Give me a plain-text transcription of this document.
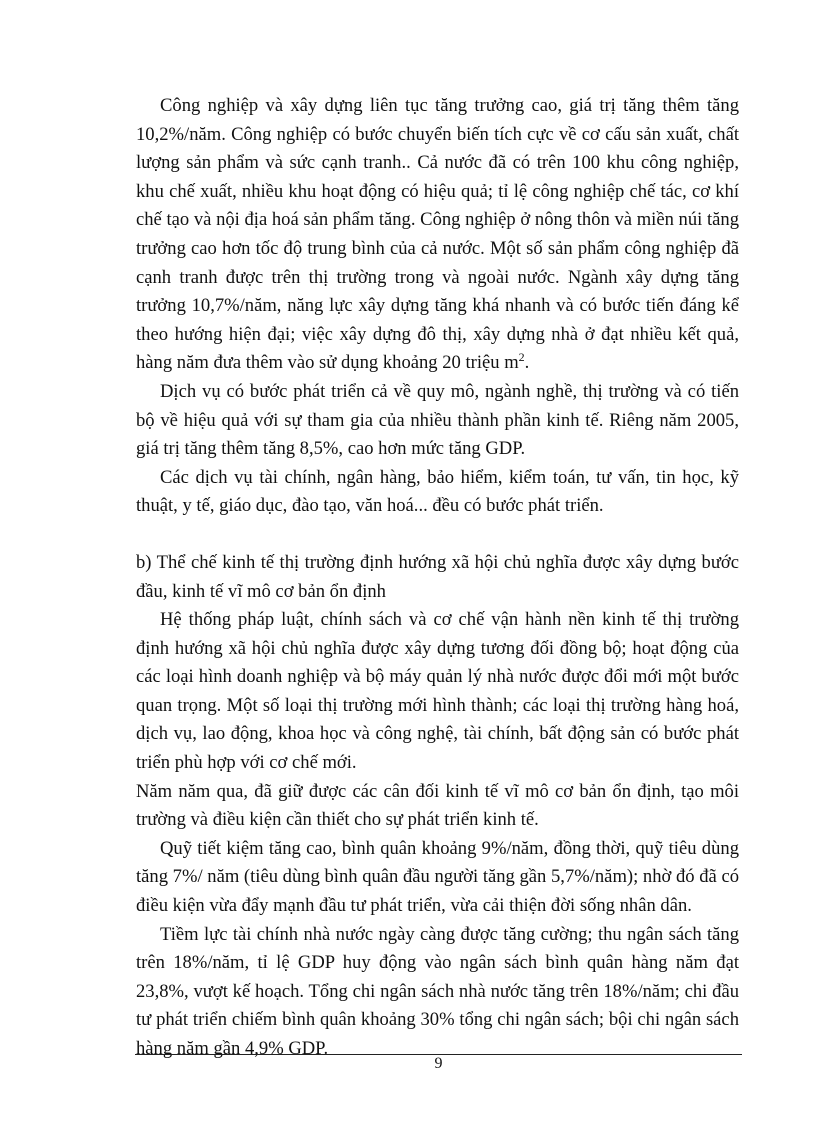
Công nghiệp và xây dựng liên tục tăng trưởng cao, giá trị tăng thêm tăng 10,2%/năm. Công nghiệp có bước chuyển biến tích cực về cơ cấu sản xuất, chất lượng sản phẩm và sức cạnh tranh.. Cả nước đã có trên 100 khu công nghiệp, khu chế xuất, nhiều khu hoạt động có hiệu quả; tỉ lệ công nghiệp chế tác, cơ khí chế tạo và nội địa hoá sản phẩm tăng. Công nghiệp ở nông thôn và miền núi tăng trưởng cao hơn tốc độ trung bình của cả nước. Một số sản phẩm công nghiệp đã cạnh tranh được trên thị trường trong và ngoài nước. Ngành xây dựng tăng trưởng 10,7%/năm, năng lực xây dựng tăng khá nhanh và có bước tiến đáng kể theo hướng hiện đại; việc xây dựng đô thị, xây dựng nhà ở đạt nhiều kết quả, hàng năm đưa thêm vào sử dụng khoảng 20 triệu $m^2$.

Dịch vụ có bước phát triển cả về quy mô, ngành nghề, thị trường và có tiến bộ về hiệu quả với sự tham gia của nhiều thành phần kinh tế. Riêng năm 2005, giá trị tăng thêm tăng 8,5%, cao hơn mức tăng GDP.

Các dịch vụ tài chính, ngân hàng, bảo hiểm, kiểm toán, tư vấn, tin học, kỹ thuật, y tế, giáo dục, đào tạo, văn hoá... đều có bước phát triển.

b) Thể chế kinh tế thị trường định hướng xã hội chủ nghĩa được xây dựng bước đầu, kinh tế vĩ mô cơ bản ổn định

Hệ thống pháp luật, chính sách và cơ chế vận hành nền kinh tế thị trường định hướng xã hội chủ nghĩa được xây dựng tương đối đồng bộ; hoạt động của các loại hình doanh nghiệp và bộ máy quản lý nhà nước được đổi mới một bước quan trọng. Một số loại thị trường mới hình thành; các loại thị trường hàng hoá, dịch vụ, lao động, khoa học và công nghệ, tài chính, bất động sản có bước phát triển phù hợp với cơ chế mới.

Năm năm qua, đã giữ được các cân đối kinh tế vĩ mô cơ bản ổn định, tạo môi trường và điều kiện cần thiết cho sự phát triển kinh tế.

Quỹ tiết kiệm tăng cao, bình quân khoảng 9%/năm, đồng thời, quỹ tiêu dùng tăng 7%/ năm (tiêu dùng bình quân đầu người tăng gần 5,7%/năm); nhờ đó đã có điều kiện vừa đẩy mạnh đầu tư phát triển, vừa cải thiện đời sống nhân dân.

Tiềm lực tài chính nhà nước ngày càng được tăng cường; thu ngân sách tăng trên 18%/năm, tỉ lệ GDP huy động vào ngân sách bình quân hàng năm đạt 23,8%, vượt kế hoạch. Tổng chi ngân sách nhà nước tăng trên 18%/năm; chi đầu tư phát triển chiếm bình quân khoảng 30% tổng chi ngân sách; bội chi ngân sách hàng năm gần 4,9% GDP.

9
